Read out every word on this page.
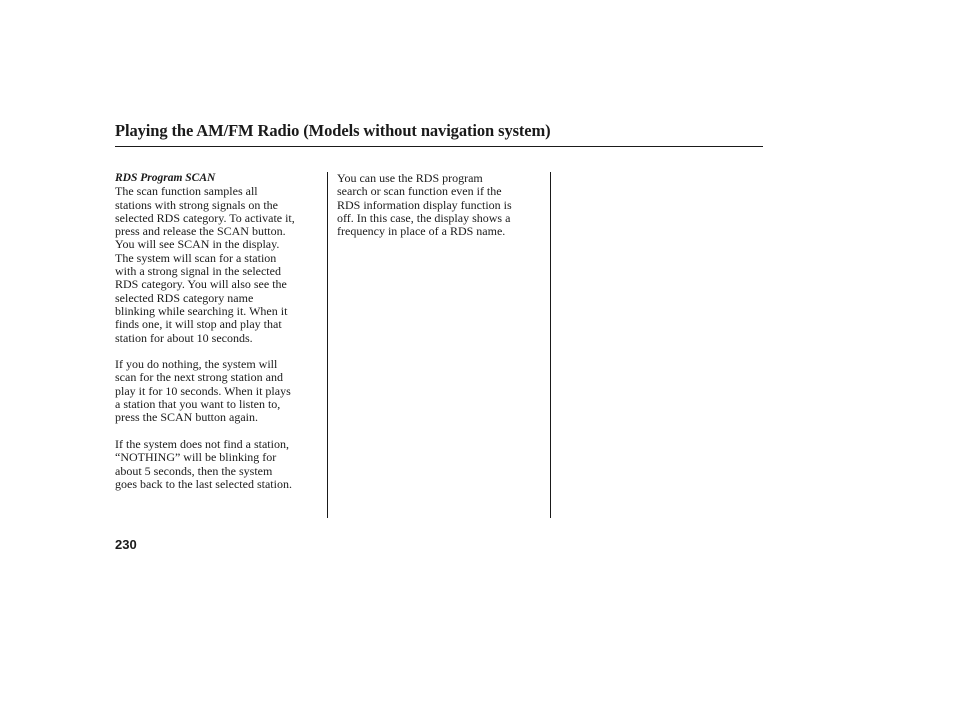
Playing the AM/FM Radio (Models without navigation system)
RDS Program SCAN
The scan function samples all
stations with strong signals on the
selected RDS category. To activate it,
press and release the SCAN button.
You will see SCAN in the display.
The system will scan for a station
with a strong signal in the selected
RDS category. You will also see the
selected RDS category name
blinking while searching it. When it
finds one, it will stop and play that
station for about 10 seconds.
If you do nothing, the system will
scan for the next strong station and
play it for 10 seconds. When it plays
a station that you want to listen to,
press the SCAN button again.
If the system does not find a station,
“NOTHING” will be blinking for
about 5 seconds, then the system
goes back to the last selected station.
You can use the RDS program
search or scan function even if the
RDS information display function is
off. In this case, the display shows a
frequency in place of a RDS name.
230
